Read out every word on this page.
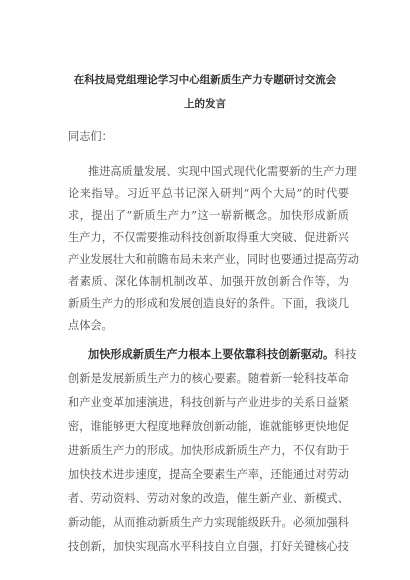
在科技局党组理论学习中心组新质生产力专题研讨交流会
上的发言
同志们：
推进高质量发展、实现中国式现代化需要新的生产力理
论来指导。习近平总书记深入研判“两个大局”的时代要
求，提出了“新质生产力”这一崭新概念。加快形成新质
生产力，不仅需要推动科技创新取得重大突破、促进新兴
产业发展壮大和前瞻布局未来产业，同时也要通过提高劳动
者素质、深化体制机制改革、加强开放创新合作等，为
新质生产力的形成和发展创造良好的条件。下面，我谈几
点体会。
加快形成新质生产力根本上要依靠科技创新驱动。科技
创新是发展新质生产力的核心要素。随着新一轮科技革命
和产业变革加速演进，科技创新与产业进步的关系日益紧
密，谁能够更大程度地释放创新动能，谁就能够更快地促
进新质生产力的形成。加快形成新质生产力，不仅有助于
加快技术进步速度，提高全要素生产率，还能通过对劳动
者、劳动资料、劳动对象的改造，催生新产业、新模式、
新动能，从而推动新质生产力实现能级跃升。必须加强科
技创新，加快实现高水平科技自立自强，打好关键核心技
